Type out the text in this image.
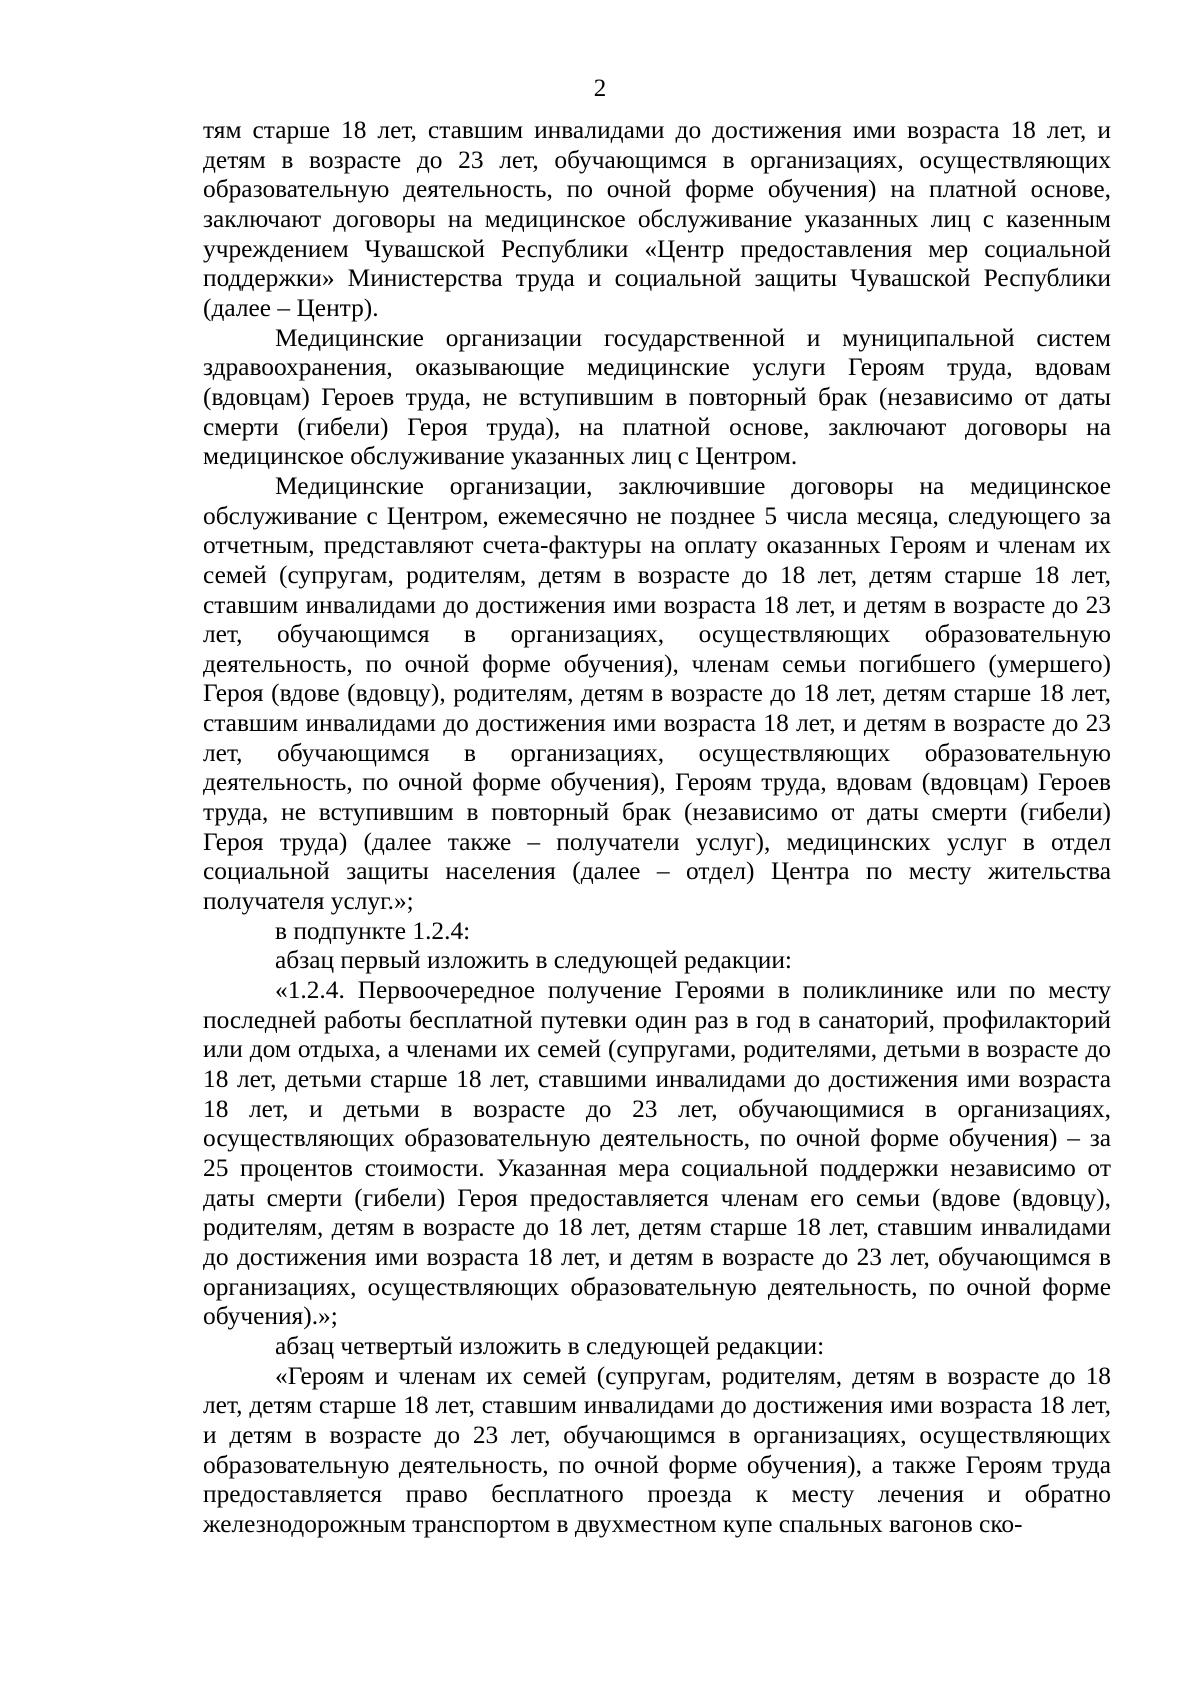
2

тям старше 18 лет, ставшим инвалидами до достижения ими возраста 18 лет, и детям в возрасте до 23 лет, обучающимся в организациях, осуществляющих образовательную деятельность, по очной форме обучения) на платной основе, заключают договоры на медицинское обслуживание указанных лиц с казенным учреждением Чувашской Республики «Центр предоставления мер социальной поддержки» Министерства труда и социальной защиты Чувашской Республики (далее – Центр).

Медицинские организации государственной и муниципальной систем здравоохранения, оказывающие медицинские услуги Героям труда, вдовам (вдовцам) Героев труда, не вступившим в повторный брак (независимо от даты смерти (гибели) Героя труда), на платной основе, заключают договоры на медицинское обслуживание указанных лиц с Центром.

Медицинские организации, заключившие договоры на медицинское обслуживание с Центром, ежемесячно не позднее 5 числа месяца, следующего за отчетным, представляют счета-фактуры на оплату оказанных Героям и членам их семей (супругам, родителям, детям в возрасте до 18 лет, детям старше 18 лет, ставшим инвалидами до достижения ими возраста 18 лет, и детям в возрасте до 23 лет, обучающимся в организациях, осуществляющих образовательную деятельность, по очной форме обучения), членам семьи погибшего (умершего) Героя (вдове (вдовцу), родителям, детям в возрасте до 18 лет, детям старше 18 лет, ставшим инвалидами до достижения ими возраста 18 лет, и детям в возрасте до 23 лет, обучающимся в организациях, осуществляющих образовательную деятельность, по очной форме обучения), Героям труда, вдовам (вдовцам) Героев труда, не вступившим в повторный брак (независимо от даты смерти (гибели) Героя труда) (далее также – получатели услуг), медицинских услуг в отдел социальной защиты населения (далее – отдел) Центра по месту жительства получателя услуг.»;

в подпункте 1.2.4:

абзац первый изложить в следующей редакции:

«1.2.4. Первоочередное получение Героями в поликлинике или по месту последней работы бесплатной путевки один раз в год в санаторий, профилакторий или дом отдыха, а членами их семей (супругами, родителями, детьми в возрасте до 18 лет, детьми старше 18 лет, ставшими инвалидами до достижения ими возраста 18 лет, и детьми в возрасте до 23 лет, обучающимися в организациях, осуществляющих образовательную деятельность, по очной форме обучения) – за 25 процентов стоимости. Указанная мера социальной поддержки независимо от даты смерти (гибели) Героя предоставляется членам его семьи (вдове (вдовцу), родителям, детям в возрасте до 18 лет, детям старше 18 лет, ставшим инвалидами до достижения ими возраста 18 лет, и детям в возрасте до 23 лет, обучающимся в организациях, осуществляющих образовательную деятельность, по очной форме обучения).»;

абзац четвертый изложить в следующей редакции:

«Героям и членам их семей (супругам, родителям, детям в возрасте до 18 лет, детям старше 18 лет, ставшим инвалидами до достижения ими возраста 18 лет, и детям в возрасте до 23 лет, обучающимся в организациях, осуществляющих образовательную деятельность, по очной форме обучения), а также Героям труда предоставляется право бесплатного проезда к месту лечения и обратно железнодорожным транспортом в двухместном купе спальных вагонов ско-
